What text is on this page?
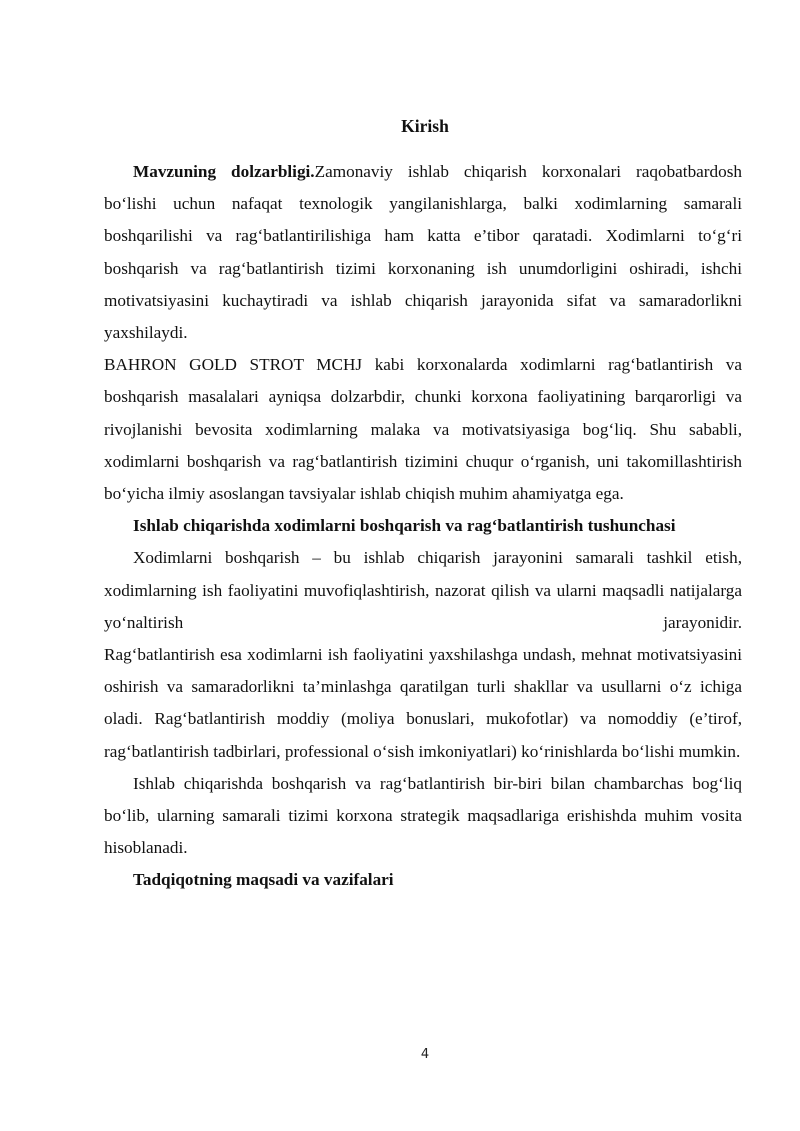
Kirish

Mavzuning dolzarbligi.Zamonaviy ishlab chiqarish korxonalari raqobatbardosh bo‘lishi uchun nafaqat texnologik yangilanishlarga, balki xodimlarning samarali boshqarilishi va rag‘batlantirilishiga ham katta e’tibor qaratadi. Xodimlarni to‘g‘ri boshqarish va rag‘batlantirish tizimi korxonaning ish unumdorligini oshiradi, ishchi motivatsiyasini kuchaytiradi va ishlab chiqarish jarayonida sifat va samaradorlikni yaxshilaydi.

BAHRON GOLD STROT MCHJ kabi korxonalarda xodimlarni rag‘batlantirish va boshqarish masalalari ayniqsa dolzarbdir, chunki korxona faoliyatining barqarorligi va rivojlanishi bevosita xodimlarning malaka va motivatsiyasiga bog‘liq. Shu sababli, xodimlarni boshqarish va rag‘batlantirish tizimini chuqur o‘rganish, uni takomillashtirish bo‘yicha ilmiy asoslangan tavsiyalar ishlab chiqish muhim ahamiyatga ega.

Ishlab chiqarishda xodimlarni boshqarish va rag‘batlantirish tushunchasi

Xodimlarni boshqarish – bu ishlab chiqarish jarayonini samarali tashkil etish, xodimlarning ish faoliyatini muvofiqlashtirish, nazorat qilish va ularni maqsadli natijalarga yo‘naltirish jarayonidir.

Rag‘batlantirish esa xodimlarni ish faoliyatini yaxshilashga undash, mehnat motivatsiyasini oshirish va samaradorlikni ta’minlashga qaratilgan turli shakllar va usullarni o‘z ichiga oladi. Rag‘batlantirish moddiy (moliya bonuslari, mukofotlar) va nomoddiy (e’tirof, rag‘batlantirish tadbirlari, professional o‘sish imkoniyatlari) ko‘rinishlarda bo‘lishi mumkin.

Ishlab chiqarishda boshqarish va rag‘batlantirish bir-biri bilan chambarchas bog‘liq bo‘lib, ularning samarali tizimi korxona strategik maqsadlariga erishishda muhim vosita hisoblanadi.

Tadqiqotning maqsadi va vazifalari

4
